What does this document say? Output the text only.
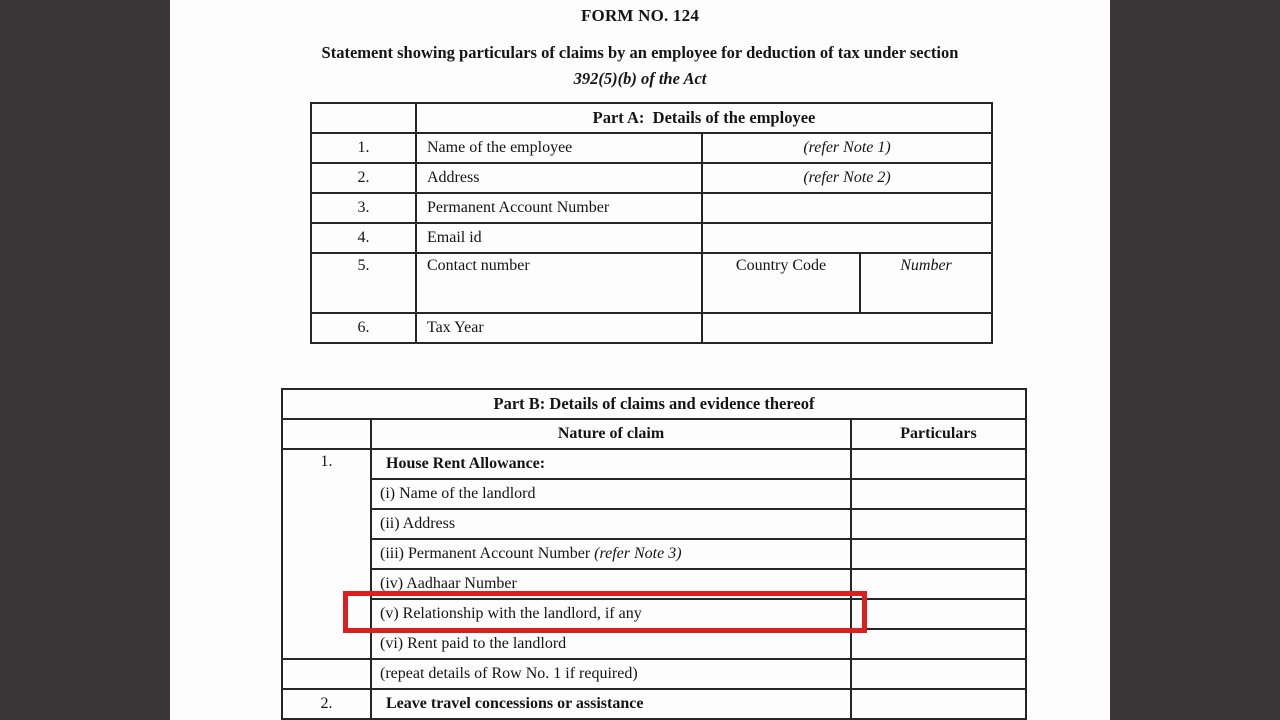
FORM NO. 124
Statement showing particulars of claims by an employee for deduction of tax under section
392(5)(b) of the Act
	Part A:  Details of the employee		
1.	Name of the employee	(refer Note 1)	
2.	Address	(refer Note 2)	
3.	Permanent Account Number		
4.	Email id		
5.	Contact number	Country Code	Number
6.	Tax Year		
Part B: Details of claims and evidence thereof		
	Nature of claim	Particulars
1.	House Rent Allowance:	
	(i) Name of the landlord	
	(ii) Address	
	(iii) Permanent Account Number (refer Note 3)	
	(iv) Aadhaar Number	
	(v) Relationship with the landlord, if any	
	(vi) Rent paid to the landlord	
	(repeat details of Row No. 1 if required)	
2.	Leave travel concessions or assistance	
